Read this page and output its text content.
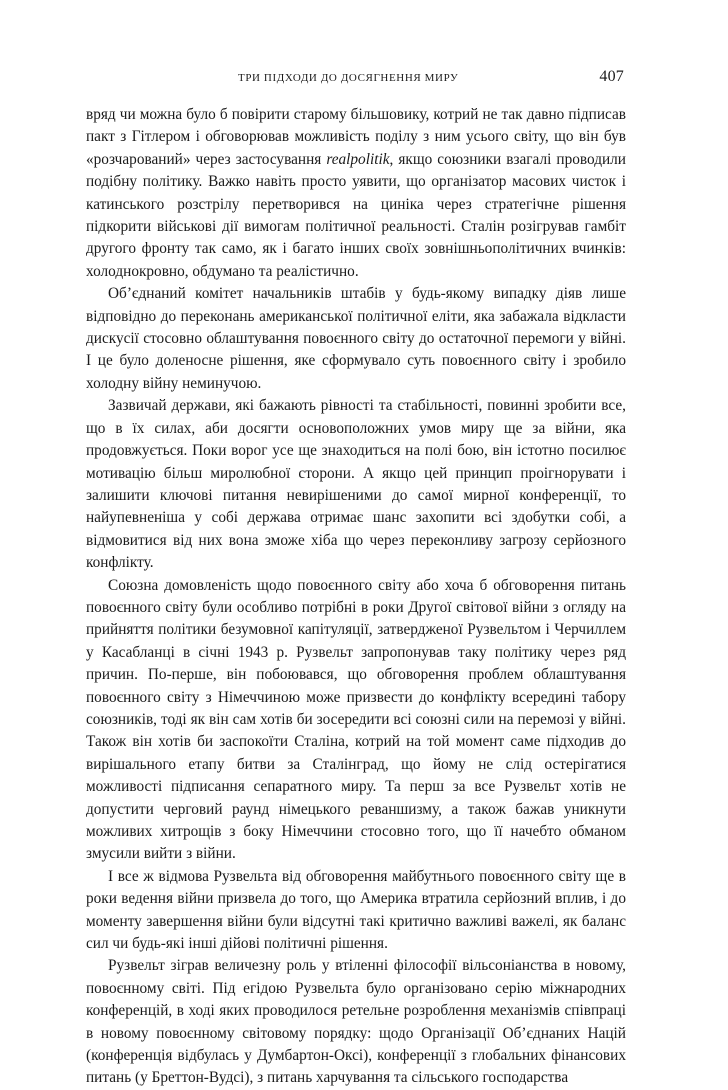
ТРИ ПІДХОДИ ДО ДОСЯГНЕННЯ МИРУ	407

вряд чи можна було б повірити старому більшовику, котрий не так давно підписав пакт з Гітлером і обговорював можливість поділу з ним усього світу, що він був «розчарований» через застосування realpolitik, якщо союзники взагалі проводили подібну політику. Важко навіть просто уявити, що організатор масових чисток і катинського розстрілу перетворився на циніка через стратегічне рішення підкорити військові дії вимогам політичної реальності. Сталін розігрував гамбіт другого фронту так само, як і багато інших своїх зовнішньополітичних вчинків: холоднокровно, обдумано та реалістично.

Об’єднаний комітет начальників штабів у будь-якому випадку діяв лише відповідно до переконань американської політичної еліти, яка забажала відкласти дискусії стосовно облаштування повоєнного світу до остаточної перемоги у війні. І це було доленосне рішення, яке сформувало суть повоєнного світу і зробило холодну війну неминучою.

Зазвичай держави, які бажають рівності та стабільності, повинні зробити все, що в їх силах, аби досягти основоположних умов миру ще за війни, яка продовжується. Поки ворог усе ще знаходиться на полі бою, він істотно посилює мотивацію більш миролюбної сторони. А якщо цей принцип проігнорувати і залишити ключові питання невирішеними до самої мирної конференції, то найупевненіша у собі держава отримає шанс захопити всі здобутки собі, а відмовитися від них вона зможе хіба що через переконливу загрозу серйозного конфлікту.

Союзна домовленість щодо повоєнного світу або хоча б обговорення питань повоєнного світу були особливо потрібні в роки Другої світової війни з огляду на прийняття політики безумовної капітуляції, затвердженої Рузвельтом і Черчиллем у Касабланці в січні 1943 р. Рузвельт запропонував таку політику через ряд причин. По-перше, він побоювався, що обговорення проблем облаштування повоєнного світу з Німеччиною може призвести до конфлікту всередині табору союзників, тоді як він сам хотів би зосередити всі союзні сили на перемозі у війні. Також він хотів би заспокоїти Сталіна, котрий на той момент саме підходив до вирішального етапу битви за Сталінград, що йому не слід остерігатися можливості підписання сепаратного миру. Та перш за все Рузвельт хотів не допустити черговий раунд німецького реваншизму, а також бажав уникнути можливих хитрощів з боку Німеччини стосовно того, що її начебто обманом змусили вийти з війни.

І все ж відмова Рузвельта від обговорення майбутнього повоєнного світу ще в роки ведення війни призвела до того, що Америка втратила серйозний вплив, і до моменту завершення війни були відсутні такі критично важливі важелі, як баланс сил чи будь-які інші дійові політичні рішення.

Рузвельт зіграв величезну роль у втіленні філософії вільсоніанства в новому, повоєнному світі. Під егідою Рузвельта було організовано серію міжнародних конференцій, в ході яких проводилося ретельне розроблення механізмів співпраці в новому повоєнному світовому порядку: щодо Організації Об’єднаних Націй (конференція відбулась у Думбартон-Оксі), конференції з глобальних фінансових питань (у Бреттон-Вудсі), з питань харчування та сільського господарства
